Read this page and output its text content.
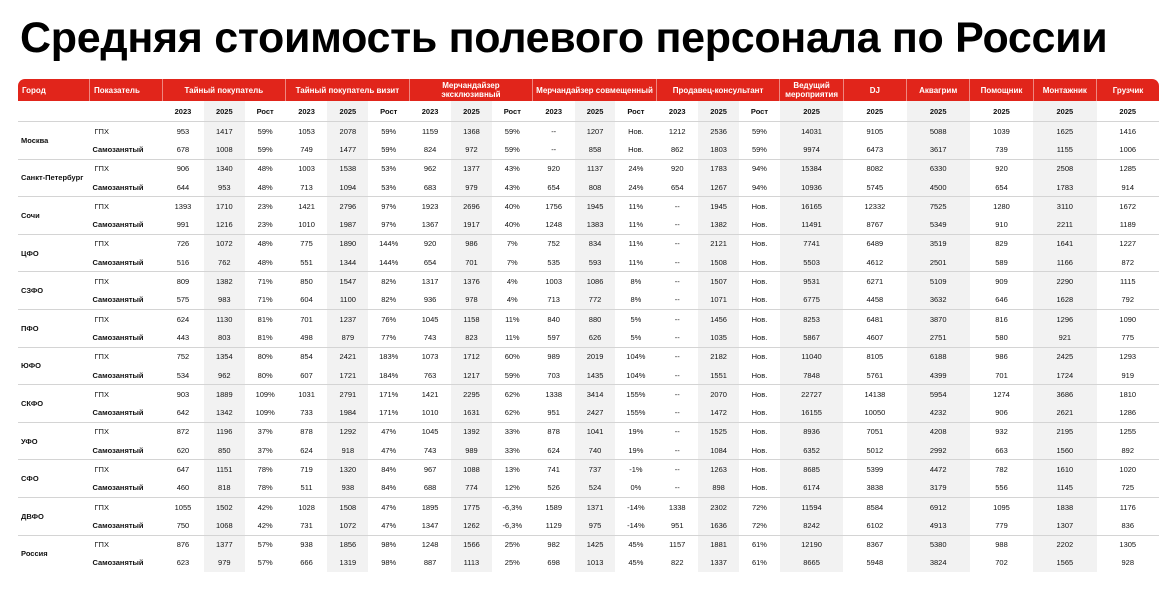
Средняя стоимость полевого персонала по России
Город	Показатель	Тайный покупатель			Тайный покупатель визит			Мерчандайзер эксклюзивный			Мерчандайзер совмещенный			Продавец-консультант			Ведущий мероприятия	DJ	Аквагрим	Помощник	Монтажник	Грузчик
		2023	2025	Рост	2023	2025	Рост	2023	2025	Рост	2023	2025	Рост	2023	2025	Рост	2025	2025	2025	2025	2025	2025
Москва	ГПХ	953	1417	59%	1053	2078	59%	1159	1368	59%	--	1207	Нов.	1212	2536	59%	14031	9105	5088	1039	1625	1416
	Самозанятый	678	1008	59%	749	1477	59%	824	972	59%	--	858	Нов.	862	1803	59%	9974	6473	3617	739	1155	1006
Санкт-Петербург	ГПХ	906	1340	48%	1003	1538	53%	962	1377	43%	920	1137	24%	920	1783	94%	15384	8082	6330	920	2508	1285
	Самозанятый	644	953	48%	713	1094	53%	683	979	43%	654	808	24%	654	1267	94%	10936	5745	4500	654	1783	914
Сочи	ГПХ	1393	1710	23%	1421	2796	97%	1923	2696	40%	1756	1945	11%	--	1945	Нов.	16165	12332	7525	1280	3110	1672
	Самозанятый	991	1216	23%	1010	1987	97%	1367	1917	40%	1248	1383	11%	--	1382	Нов.	11491	8767	5349	910	2211	1189
ЦФО	ГПХ	726	1072	48%	775	1890	144%	920	986	7%	752	834	11%	--	2121	Нов.	7741	6489	3519	829	1641	1227
	Самозанятый	516	762	48%	551	1344	144%	654	701	7%	535	593	11%	--	1508	Нов.	5503	4612	2501	589	1166	872
СЗФО	ГПХ	809	1382	71%	850	1547	82%	1317	1376	4%	1003	1086	8%	--	1507	Нов.	9531	6271	5109	909	2290	1115
	Самозанятый	575	983	71%	604	1100	82%	936	978	4%	713	772	8%	--	1071	Нов.	6775	4458	3632	646	1628	792
ПФО	ГПХ	624	1130	81%	701	1237	76%	1045	1158	11%	840	880	5%	--	1456	Нов.	8253	6481	3870	816	1296	1090
	Самозанятый	443	803	81%	498	879	77%	743	823	11%	597	626	5%	--	1035	Нов.	5867	4607	2751	580	921	775
ЮФО	ГПХ	752	1354	80%	854	2421	183%	1073	1712	60%	989	2019	104%	--	2182	Нов.	11040	8105	6188	986	2425	1293
	Самозанятый	534	962	80%	607	1721	184%	763	1217	59%	703	1435	104%	--	1551	Нов.	7848	5761	4399	701	1724	919
СКФО	ГПХ	903	1889	109%	1031	2791	171%	1421	2295	62%	1338	3414	155%	--	2070	Нов.	22727	14138	5954	1274	3686	1810
	Самозанятый	642	1342	109%	733	1984	171%	1010	1631	62%	951	2427	155%	--	1472	Нов.	16155	10050	4232	906	2621	1286
УФО	ГПХ	872	1196	37%	878	1292	47%	1045	1392	33%	878	1041	19%	--	1525	Нов.	8936	7051	4208	932	2195	1255
	Самозанятый	620	850	37%	624	918	47%	743	989	33%	624	740	19%	--	1084	Нов.	6352	5012	2992	663	1560	892
СФО	ГПХ	647	1151	78%	719	1320	84%	967	1088	13%	741	737	-1%	--	1263	Нов.	8685	5399	4472	782	1610	1020
	Самозанятый	460	818	78%	511	938	84%	688	774	12%	526	524	0%	--	898	Нов.	6174	3838	3179	556	1145	725
ДВФО	ГПХ	1055	1502	42%	1028	1508	47%	1895	1775	-6,3%	1589	1371	-14%	1338	2302	72%	11594	8584	6912	1095	1838	1176
	Самозанятый	750	1068	42%	731	1072	47%	1347	1262	-6,3%	1129	975	-14%	951	1636	72%	8242	6102	4913	779	1307	836
Россия	ГПХ	876	1377	57%	938	1856	98%	1248	1566	25%	982	1425	45%	1157	1881	61%	12190	8367	5380	988	2202	1305
	Самозанятый	623	979	57%	666	1319	98%	887	1113	25%	698	1013	45%	822	1337	61%	8665	5948	3824	702	1565	928
